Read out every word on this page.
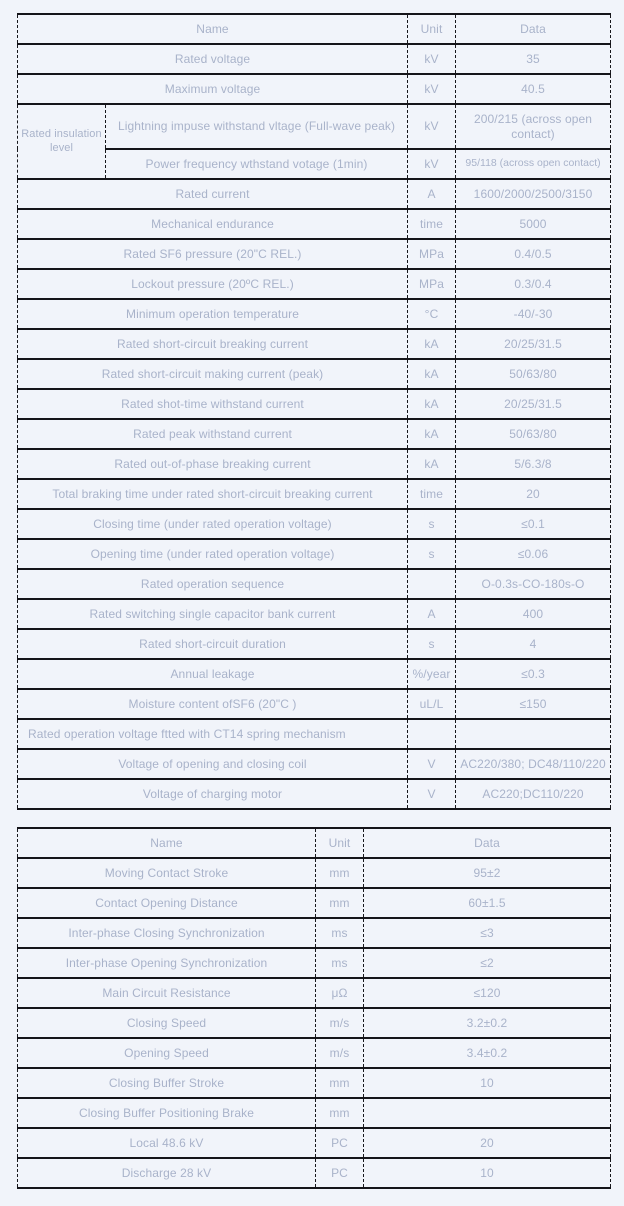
Name		Unit	Data
Rated voltage		kV	35
Maximum voltage		kV	40.5
Rated insulation level	Lightning impuse withstand vltage (Full-wave peak)	kV	200/215 (across open contact)
	Power frequency wthstand votage (1min)	kV	95/118 (across open contact)
Rated current		A	1600/2000/2500/3150
Mechanical endurance		time	5000
Rated SF6 pressure (20"C REL.)		MPa	0.4/0.5
Lockout pressure (20ºC REL.)		MPa	0.3/0.4
Minimum operation temperature		°C	-40/-30
Rated short-circuit breaking current		kA	20/25/31.5
Rated short-circuit making current (peak)		kA	50/63/80
Rated shot-time withstand current		kA	20/25/31.5
Rated peak withstand current		kA	50/63/80
Rated out-of-phase breaking current		kA	5/6.3/8
Total braking time under rated short-circuit breaking current		time	20
Closing time (under rated operation voltage)		s	≤0.1
Opening time (under rated operation voltage)		s	≤0.06
Rated operation sequence			O-0.3s-CO-180s-O
Rated switching single capacitor bank current		A	400
Rated short-circuit duration		s	4
Annual leakage		%/year	≤0.3
Moisture content ofSF6 (20"C )		uL/L	≤150
Rated operation voltage ftted with CT14 spring mechanism			
Voltage of opening and closing coil		V	AC220/380; DC48/110/220
Voltage of charging motor		V	AC220;DC110/220
Name	Unit	Data
Moving Contact Stroke	mm	95±2
Contact Opening Distance	mm	60±1.5
Inter-phase Closing Synchronization	ms	≤3
Inter-phase Opening Synchronization	ms	≤2
Main Circuit Resistance	μΩ	≤120
Closing Speed	m/s	3.2±0.2
Opening Speed	m/s	3.4±0.2
Closing Buffer Stroke	mm	10
Closing Buffer Positioning Brake	mm	
Local 48.6 kV	PC	20
Discharge 28 kV	PC	10
